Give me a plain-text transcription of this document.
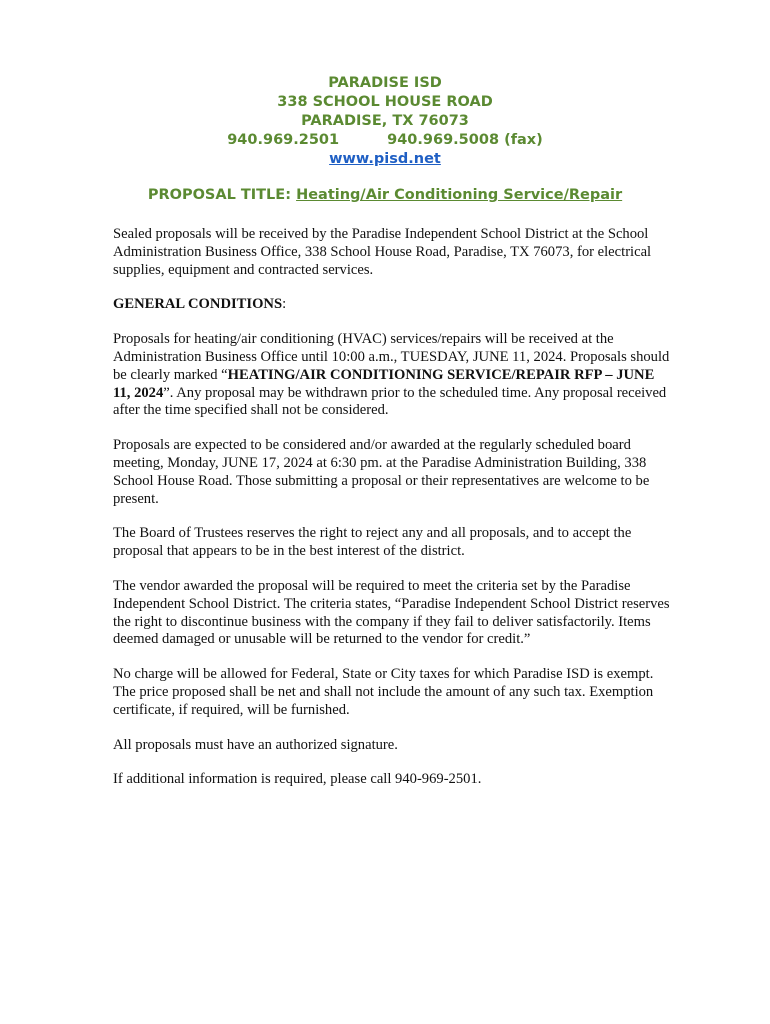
PARADISE ISD
338 SCHOOL HOUSE ROAD
PARADISE, TX 76073
940.969.2501	940.969.5008 (fax)
www.pisd.net
PROPOSAL TITLE: Heating/Air Conditioning Service/Repair

Sealed proposals will be received by the Paradise Independent School District at the School Administration Business Office, 338 School House Road, Paradise, TX 76073, for electrical supplies, equipment and contracted services.

GENERAL CONDITIONS:

Proposals for heating/air conditioning (HVAC) services/repairs will be received at the Administration Business Office until 10:00 a.m., TUESDAY, JUNE 11, 2024. Proposals should be clearly marked “HEATING/AIR CONDITIONING SERVICE/REPAIR RFP – JUNE 11, 2024”. Any proposal may be withdrawn prior to the scheduled time. Any proposal received after the time specified shall not be considered.

Proposals are expected to be considered and/or awarded at the regularly scheduled board meeting, Monday, JUNE 17, 2024 at 6:30 pm. at the Paradise Administration Building, 338 School House Road. Those submitting a proposal or their representatives are welcome to be present.

The Board of Trustees reserves the right to reject any and all proposals, and to accept the proposal that appears to be in the best interest of the district.

The vendor awarded the proposal will be required to meet the criteria set by the Paradise Independent School District. The criteria states, “Paradise Independent School District reserves the right to discontinue business with the company if they fail to deliver satisfactorily. Items deemed damaged or unusable will be returned to the vendor for credit.”

No charge will be allowed for Federal, State or City taxes for which Paradise ISD is exempt. The price proposed shall be net and shall not include the amount of any such tax. Exemption certificate, if required, will be furnished.

All proposals must have an authorized signature.

If additional information is required, please call 940-969-2501.
